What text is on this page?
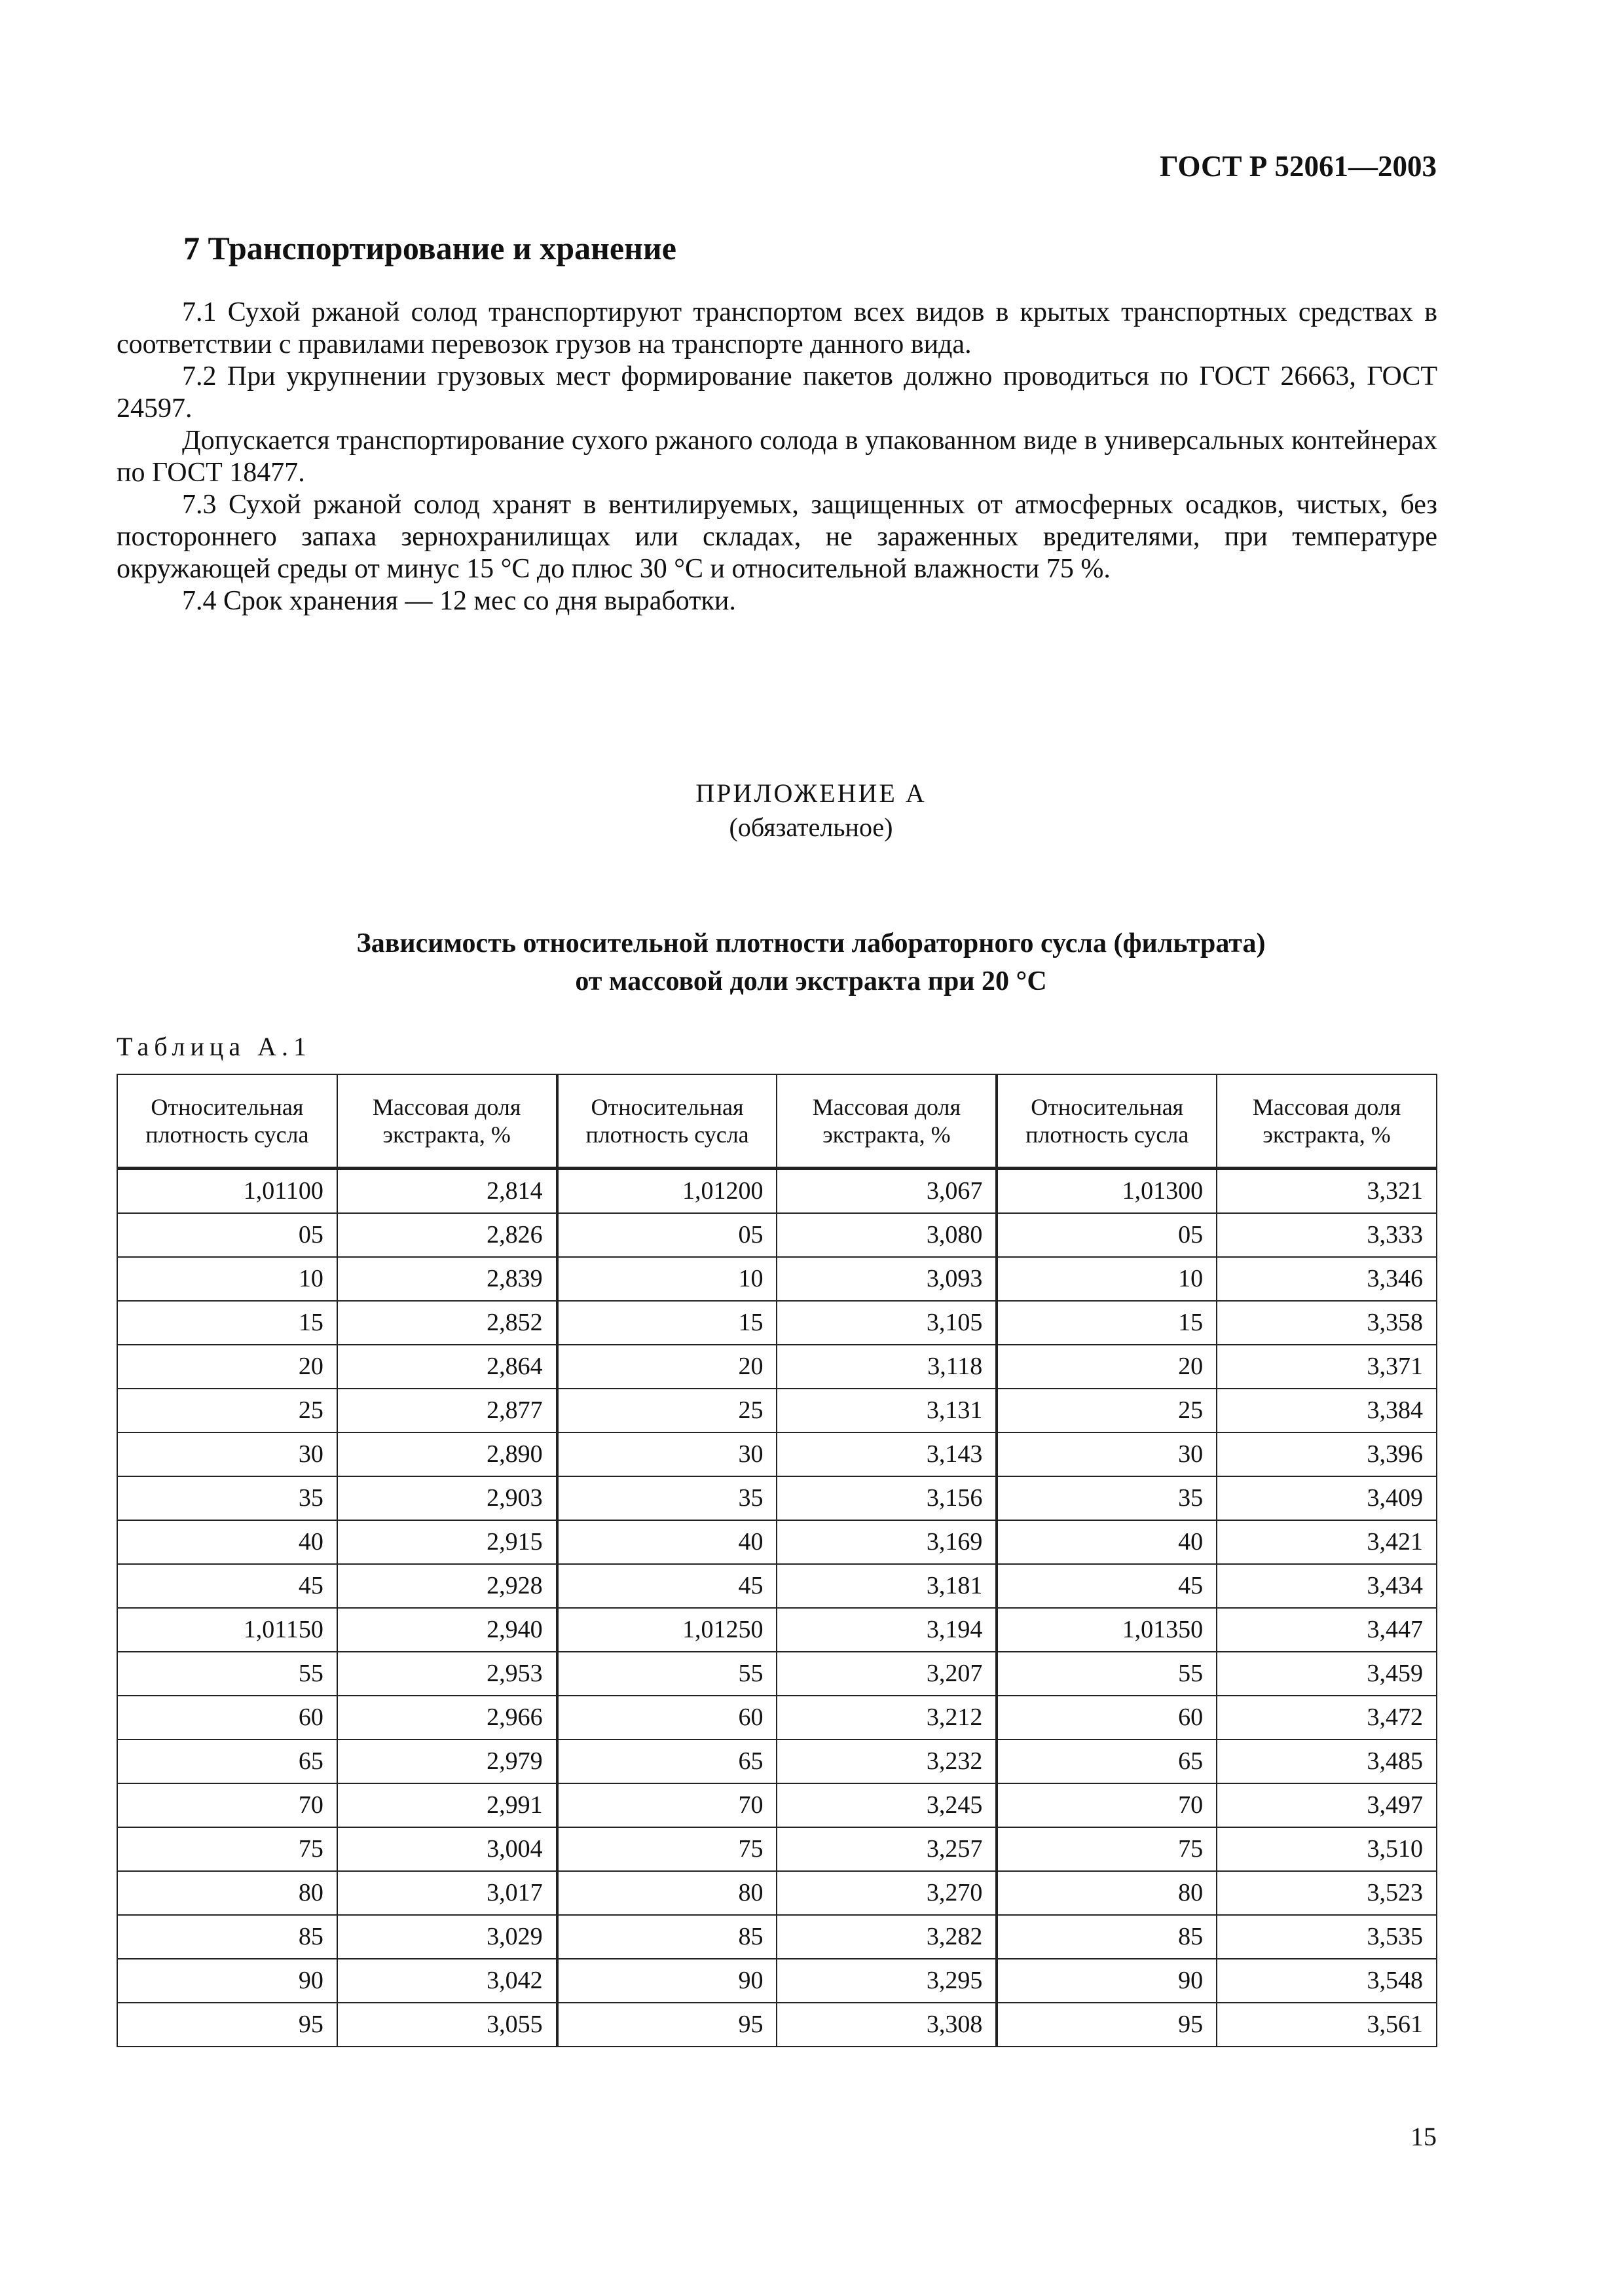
ГОСТ Р 52061—2003
7 Транспортирование и хранение

7.1 Сухой ржаной солод транспортируют транспортом всех видов в крытых транспортных средствах в соответствии с правилами перевозок грузов на транспорте данного вида.

7.2 При укрупнении грузовых мест формирование пакетов должно проводиться по ГОСТ 26663, ГОСТ 24597.

Допускается транспортирование сухого ржаного солода в упакованном виде в универсальных контейнерах по ГОСТ 18477.

7.3 Сухой ржаной солод хранят в вентилируемых, защищенных от атмосферных осадков, чистых, без постороннего запаха зернохранилищах или складах, не зараженных вредителями, при температуре окружающей среды от минус 15 °С до плюс 30 °С и относительной влажности 75 %.

7.4 Срок хранения — 12 мес со дня выработки.

ПРИЛОЖЕНИЕ А
(обязательное)
Зависимость относительной плотности лабораторного сусла (фильтрата)
от массовой доли экстракта при 20 °С
Таблица А.1
Относительная плотность сусла	Массовая доля экстракта, %	Относительная плотность сусла	Массовая доля экстракта, %	Относительная плотность сусла	Массовая доля экстракта, %
1,01100	2,814	1,01200	3,067	1,01300	3,321
05	2,826	05	3,080	05	3,333
10	2,839	10	3,093	10	3,346
15	2,852	15	3,105	15	3,358
20	2,864	20	3,118	20	3,371
25	2,877	25	3,131	25	3,384
30	2,890	30	3,143	30	3,396
35	2,903	35	3,156	35	3,409
40	2,915	40	3,169	40	3,421
45	2,928	45	3,181	45	3,434
1,01150	2,940	1,01250	3,194	1,01350	3,447
55	2,953	55	3,207	55	3,459
60	2,966	60	3,212	60	3,472
65	2,979	65	3,232	65	3,485
70	2,991	70	3,245	70	3,497
75	3,004	75	3,257	75	3,510
80	3,017	80	3,270	80	3,523
85	3,029	85	3,282	85	3,535
90	3,042	90	3,295	90	3,548
95	3,055	95	3,308	95	3,561
15
